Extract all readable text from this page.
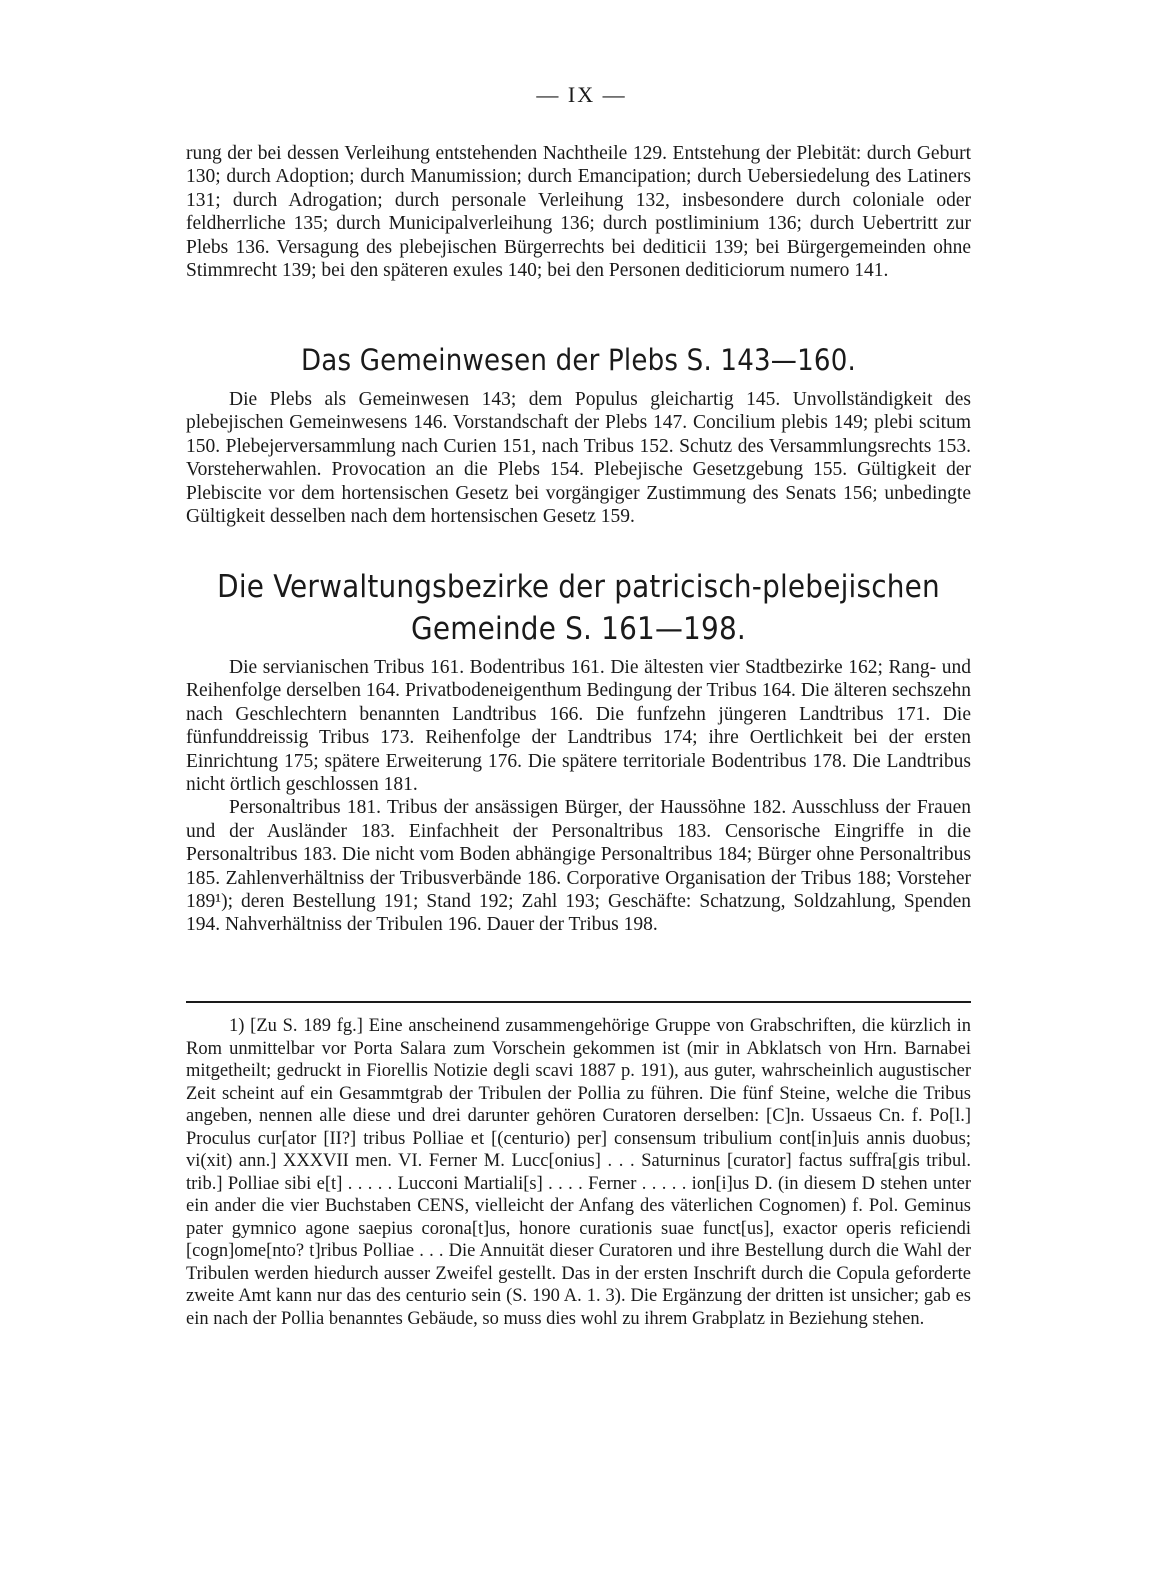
— IX —

rung der bei dessen Verleihung entstehenden Nachtheile 129. Entstehung der Plebität: durch Geburt 130; durch Adoption; durch Manumission; durch Emancipation; durch Uebersiedelung des Latiners 131; durch Adrogation; durch personale Verleihung 132, insbesondere durch coloniale oder feldherrliche 135; durch Municipalverleihung 136; durch postliminium 136; durch Uebertritt zur Plebs 136. Versagung des plebejischen Bürgerrechts bei dediticii 139; bei Bürgergemeinden ohne Stimmrecht 139; bei den späteren exules 140; bei den Personen dediticiorum numero 141.

Das Gemeinwesen der Plebs S. 143—160.

Die Plebs als Gemeinwesen 143; dem Populus gleichartig 145. Unvollständigkeit des plebejischen Gemeinwesens 146. Vorstandschaft der Plebs 147. Concilium plebis 149; plebi scitum 150. Plebejerversammlung nach Curien 151, nach Tribus 152. Schutz des Versammlungsrechts 153. Vorsteherwahlen. Provocation an die Plebs 154. Plebejische Gesetzgebung 155. Gültigkeit der Plebiscite vor dem hortensischen Gesetz bei vorgängiger Zustimmung des Senats 156; unbedingte Gültigkeit desselben nach dem hortensischen Gesetz 159.

Die Verwaltungsbezirke der patricisch-plebejischen
Gemeinde S. 161—198.

Die servianischen Tribus 161. Bodentribus 161. Die ältesten vier Stadtbezirke 162; Rang- und Reihenfolge derselben 164. Privatbodeneigenthum Bedingung der Tribus 164. Die älteren sechszehn nach Geschlechtern benannten Landtribus 166. Die funfzehn jüngeren Landtribus 171. Die fünfunddreissig Tribus 173. Reihenfolge der Landtribus 174; ihre Oertlichkeit bei der ersten Einrichtung 175; spätere Erweiterung 176. Die spätere territoriale Bodentribus 178. Die Landtribus nicht örtlich geschlossen 181.

Personaltribus 181. Tribus der ansässigen Bürger, der Haussöhne 182. Ausschluss der Frauen und der Ausländer 183. Einfachheit der Personaltribus 183. Censorische Eingriffe in die Personaltribus 183. Die nicht vom Boden abhängige Personaltribus 184; Bürger ohne Personaltribus 185. Zahlenverhältniss der Tribusverbände 186. Corporative Organisation der Tribus 188; Vorsteher 189¹); deren Bestellung 191; Stand 192; Zahl 193; Geschäfte: Schatzung, Soldzahlung, Spenden 194. Nahverhältniss der Tribulen 196. Dauer der Tribus 198.

1) [Zu S. 189 fg.] Eine anscheinend zusammengehörige Gruppe von Grabschriften, die kürzlich in Rom unmittelbar vor Porta Salara zum Vorschein gekommen ist (mir in Abklatsch von Hrn. Barnabei mitgetheilt; gedruckt in Fiorellis Notizie degli scavi 1887 p. 191), aus guter, wahrscheinlich augustischer Zeit scheint auf ein Gesammtgrab der Tribulen der Pollia zu führen. Die fünf Steine, welche die Tribus angeben, nennen alle diese und drei darunter gehören Curatoren derselben: [C]n. Ussaeus Cn. f. Po[l.] Proculus cur[ator [II?] tribus Polliae et [(centurio) per] consensum tribulium cont[in]uis annis duobus; vi(xit) ann.] XXXVII men. VI. Ferner M. Lucc[onius] . . . Saturninus [curator] factus suffra[gis tribul. trib.] Polliae sibi e[t] . . . . . Lucconi Martiali[s] . . . . Ferner . . . . . ion[i]us D. (in diesem D stehen unter ein ander die vier Buchstaben CENS, vielleicht der Anfang des väterlichen Cognomen) f. Pol. Geminus pater gymnico agone saepius corona[t]us, honore curationis suae funct[us], exactor operis reficiendi [cogn]ome[nto? t]ribus Polliae . . . Die Annuität dieser Curatoren und ihre Bestellung durch die Wahl der Tribulen werden hiedurch ausser Zweifel gestellt. Das in der ersten Inschrift durch die Copula geforderte zweite Amt kann nur das des centurio sein (S. 190 A. 1. 3). Die Ergänzung der dritten ist unsicher; gab es ein nach der Pollia benanntes Gebäude, so muss dies wohl zu ihrem Grabplatz in Beziehung stehen.
